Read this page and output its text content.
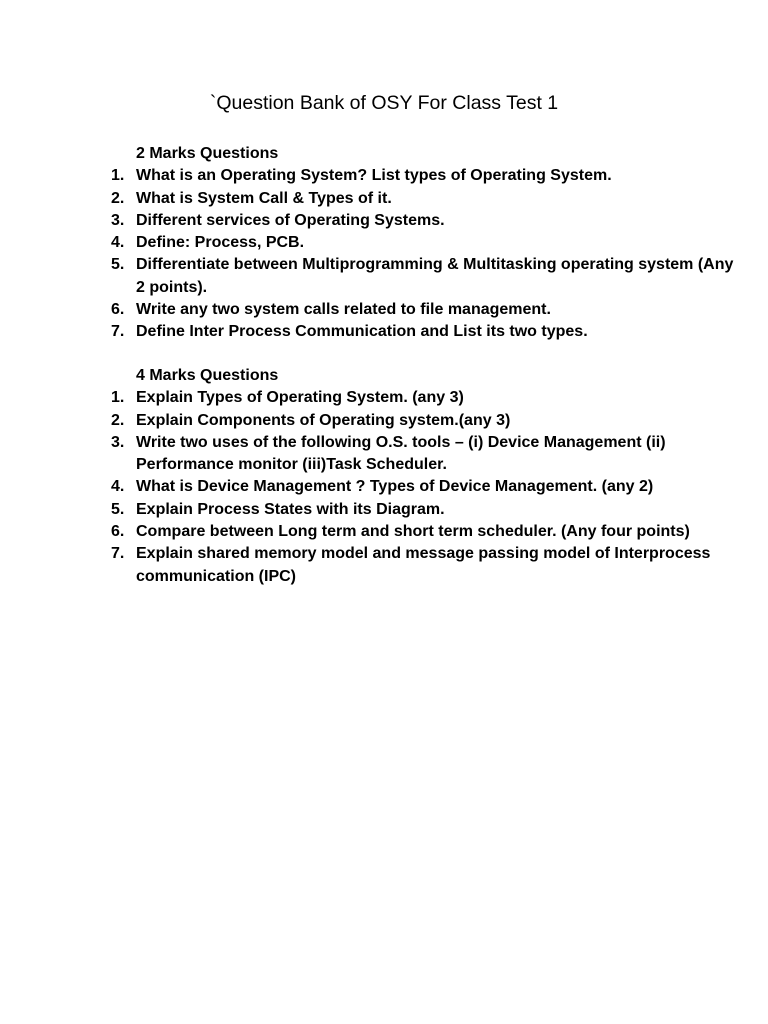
`Question Bank of OSY For Class Test 1
2 Marks Questions
1. What is an Operating System? List types of Operating System.
2. What is System Call & Types of it.
3. Different services of Operating Systems.
4. Define: Process, PCB.
5. Differentiate between Multiprogramming & Multitasking operating system (Any 2 points).
6. Write any two system calls related to file management.
7. Define Inter Process Communication and List its two types.
4 Marks Questions
1. Explain Types of Operating System. (any 3)
2. Explain Components of Operating system.(any 3)
3. Write two uses of the following O.S. tools – (i) Device Management (ii) Performance monitor (iii)Task Scheduler.
4. What is Device Management ? Types of Device Management. (any 2)
5. Explain Process States with its Diagram.
6. Compare between Long term and short term scheduler. (Any four points)
7. Explain shared memory model and message passing model of Interprocess communication (IPC)
